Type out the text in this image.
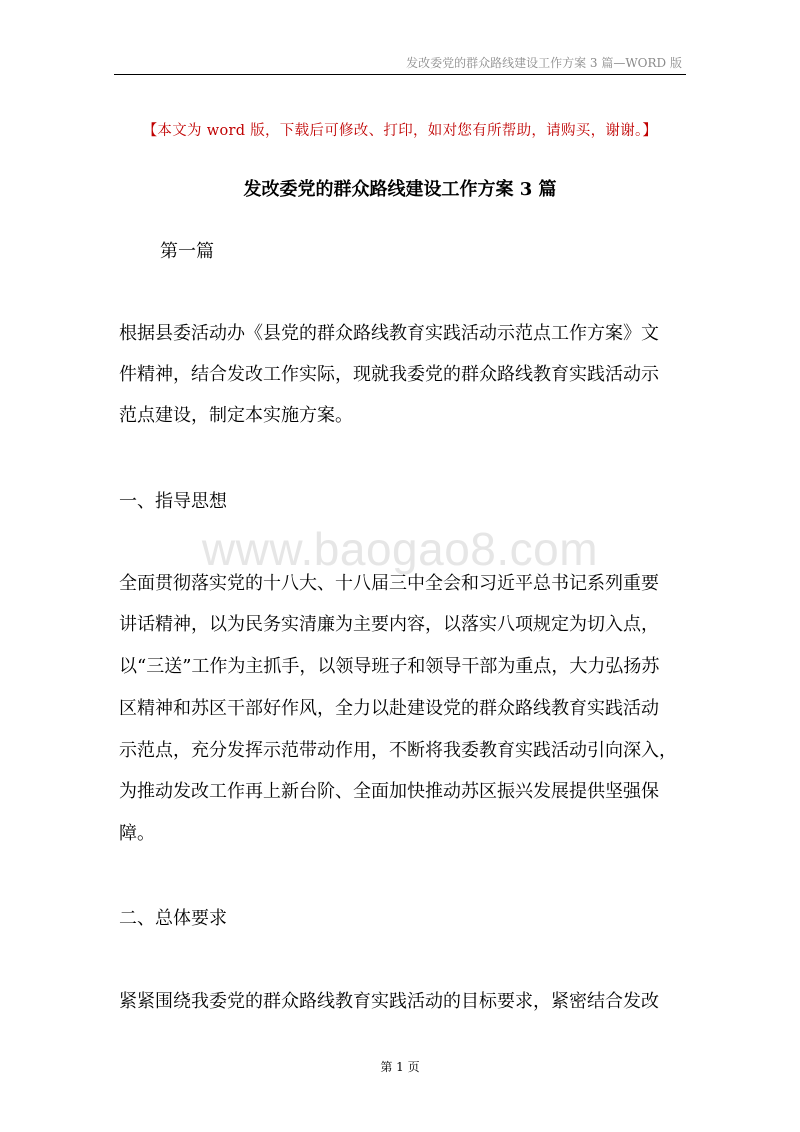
发改委党的群众路线建设工作方案 3 篇—WORD 版
【本文为 word 版，下载后可修改、打印，如对您有所帮助，请购买，谢谢。】
发改委党的群众路线建设工作方案 3 篇
第一篇
根据县委活动办《县党的群众路线教育实践活动示范点工作方案》文
件精神，结合发改工作实际，现就我委党的群众路线教育实践活动示
范点建设，制定本实施方案。
一、指导思想
www.baogao8.com
全面贯彻落实党的十八大、十八届三中全会和习近平总书记系列重要
讲话精神，以为民务实清廉为主要内容，以落实八项规定为切入点，
以“三送”工作为主抓手，以领导班子和领导干部为重点，大力弘扬苏
区精神和苏区干部好作风，全力以赴建设党的群众路线教育实践活动
示范点，充分发挥示范带动作用，不断将我委教育实践活动引向深入，
为推动发改工作再上新台阶、全面加快推动苏区振兴发展提供坚强保
障。
二、总体要求
紧紧围绕我委党的群众路线教育实践活动的目标要求，紧密结合发改
第 1 页
